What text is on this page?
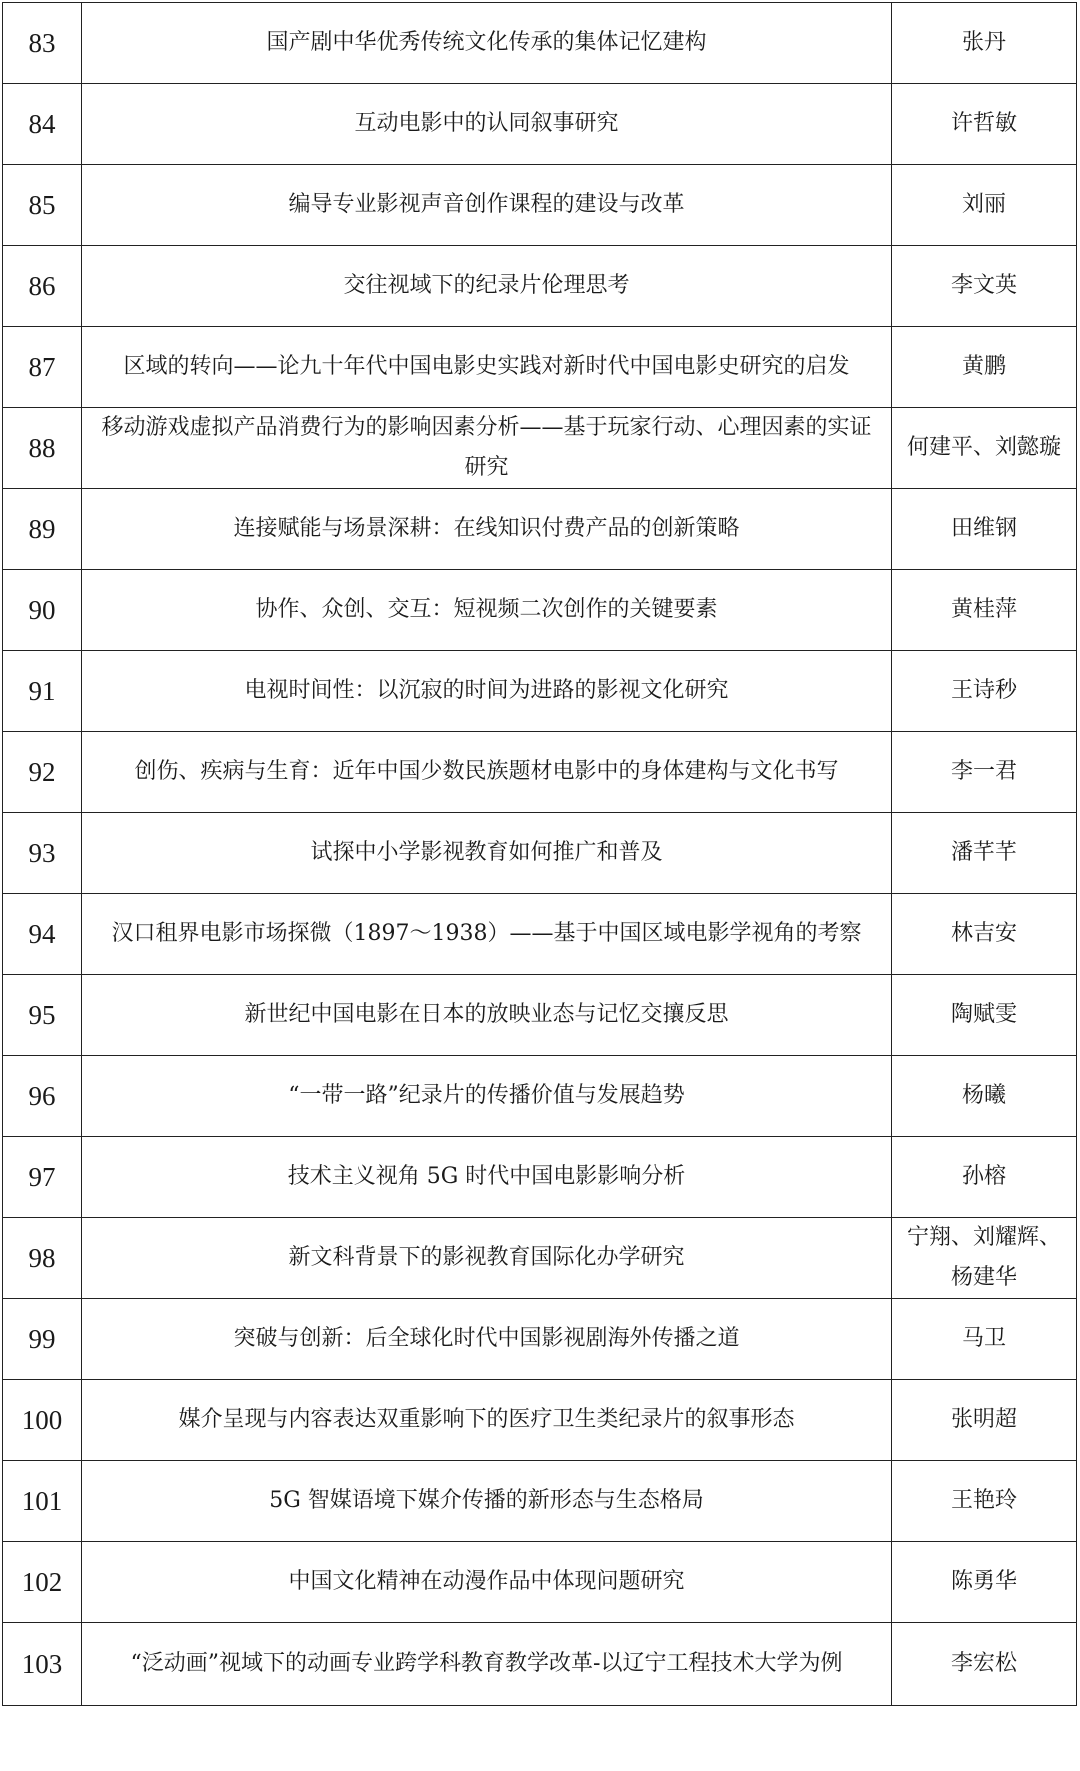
83	国产剧中华优秀传统文化传承的集体记忆建构	张丹
84	互动电影中的认同叙事研究	许哲敏
85	编导专业影视声音创作课程的建设与改革	刘丽
86	交往视域下的纪录片伦理思考	李文英
87	区域的转向——论九十年代中国电影史实践对新时代中国电影史研究的启发	黄鹏
88	移动游戏虚拟产品消费行为的影响因素分析——基于玩家行动、心理因素的实证研究	何建平、刘懿璇
89	连接赋能与场景深耕：在线知识付费产品的创新策略	田维钢
90	协作、众创、交互：短视频二次创作的关键要素	黄桂萍
91	电视时间性：以沉寂的时间为进路的影视文化研究	王诗秒
92	创伤、疾病与生育：近年中国少数民族题材电影中的身体建构与文化书写	李一君
93	试探中小学影视教育如何推广和普及	潘芊芊
94	汉口租界电影市场探微（1897～1938）——基于中国区域电影学视角的考察	林吉安
95	新世纪中国电影在日本的放映业态与记忆交攘反思	陶赋雯
96	“一带一路”纪录片的传播价值与发展趋势	杨曦
97	技术主义视角 5G 时代中国电影影响分析	孙榕
98	新文科背景下的影视教育国际化办学研究	宁翔、刘耀辉、杨建华
99	突破与创新：后全球化时代中国影视剧海外传播之道	马卫
100	媒介呈现与内容表达双重影响下的医疗卫生类纪录片的叙事形态	张明超
101	5G 智媒语境下媒介传播的新形态与生态格局	王艳玲
102	中国文化精神在动漫作品中体现问题研究	陈勇华
103	“泛动画”视域下的动画专业跨学科教育教学改革-以辽宁工程技术大学为例	李宏松
